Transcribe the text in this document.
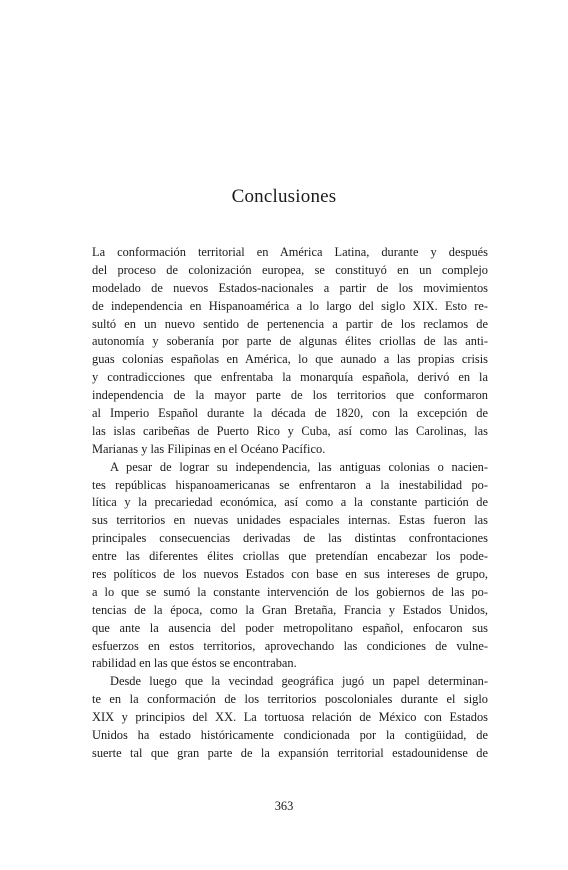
Conclusiones

La conformación territorial en América Latina, durante y después
del proceso de colonización europea, se constituyó en un complejo
modelado de nuevos Estados-nacionales a partir de los movimientos
de independencia en Hispanoamérica a lo largo del siglo XIX. Esto re-
sultó en un nuevo sentido de pertenencia a partir de los reclamos de
autonomía y soberanía por parte de algunas élites criollas de las anti-
guas colonias españolas en América, lo que aunado a las propias crisis
y contradicciones que enfrentaba la monarquía española, derivó en la
independencia de la mayor parte de los territorios que conformaron
al Imperio Español durante la década de 1820, con la excepción de
las islas caribeñas de Puerto Rico y Cuba, así como las Carolinas, las
Marianas y las Filipinas en el Océano Pacífico.

A pesar de lograr su independencia, las antiguas colonias o nacien-
tes repúblicas hispanoamericanas se enfrentaron a la inestabilidad po-
lítica y la precariedad económica, así como a la constante partición de
sus territorios en nuevas unidades espaciales internas. Estas fueron las
principales consecuencias derivadas de las distintas confrontaciones
entre las diferentes élites criollas que pretendían encabezar los pode-
res políticos de los nuevos Estados con base en sus intereses de grupo,
a lo que se sumó la constante intervención de los gobiernos de las po-
tencias de la época, como la Gran Bretaña, Francia y Estados Unidos,
que ante la ausencia del poder metropolitano español, enfocaron sus
esfuerzos en estos territorios, aprovechando las condiciones de vulne-
rabilidad en las que éstos se encontraban.

Desde luego que la vecindad geográfica jugó un papel determinan-
te en la conformación de los territorios poscoloniales durante el siglo
XIX y principios del XX. La tortuosa relación de México con Estados
Unidos ha estado históricamente condicionada por la contigüidad, de
suerte tal que gran parte de la expansión territorial estadounidense de

363
